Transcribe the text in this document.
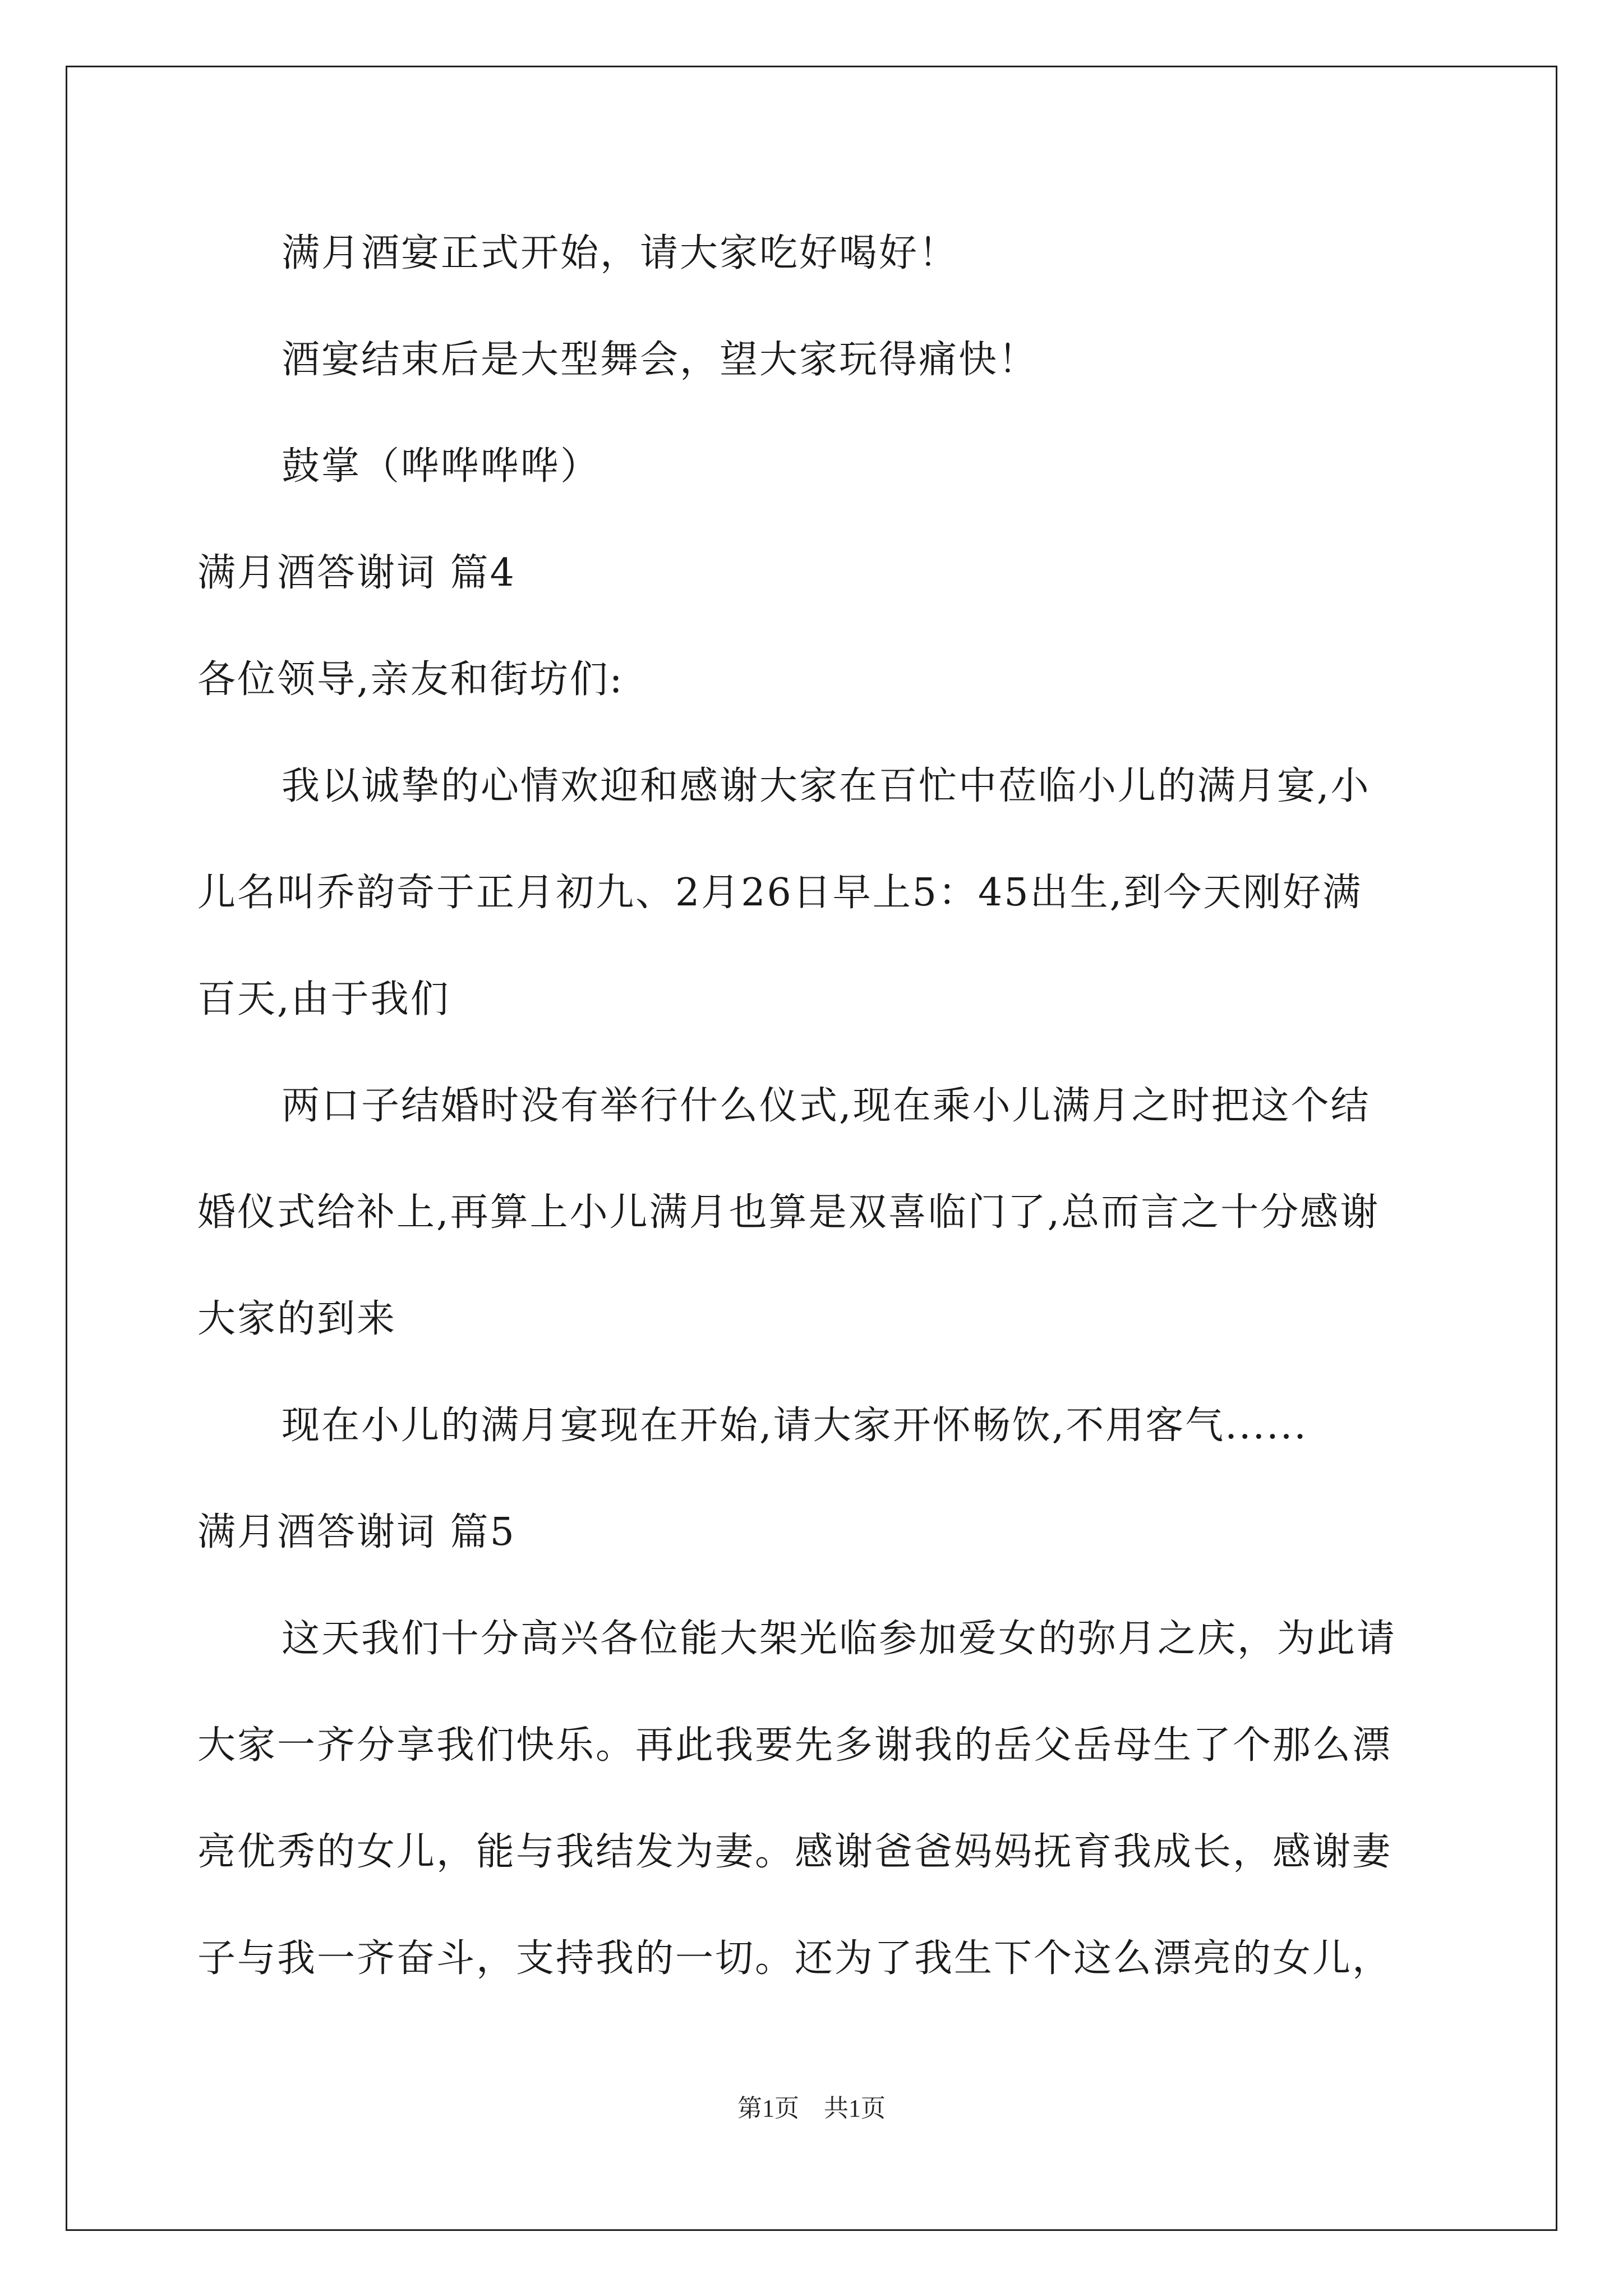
满月酒宴正式开始，请大家吃好喝好！
酒宴结束后是大型舞会，望大家玩得痛快！
鼓掌（哗哗哗哗）
满月酒答谢词 篇4
各位领导,亲友和街坊们:
我以诚挚的心情欢迎和感谢大家在百忙中莅临小儿的满月宴,小
儿名叫乔韵奇于正月初九、2月26日早上5：45出生,到今天刚好满
百天,由于我们
两口子结婚时没有举行什么仪式,现在乘小儿满月之时把这个结
婚仪式给补上,再算上小儿满月也算是双喜临门了,总而言之十分感谢
大家的到来
现在小儿的满月宴现在开始,请大家开怀畅饮,不用客气......
满月酒答谢词 篇5
这天我们十分高兴各位能大架光临参加爱女的弥月之庆，为此请
大家一齐分享我们快乐。再此我要先多谢我的岳父岳母生了个那么漂
亮优秀的女儿，能与我结发为妻。感谢爸爸妈妈抚育我成长，感谢妻
子与我一齐奋斗，支持我的一切。还为了我生下个这么漂亮的女儿，
第1页　共1页
